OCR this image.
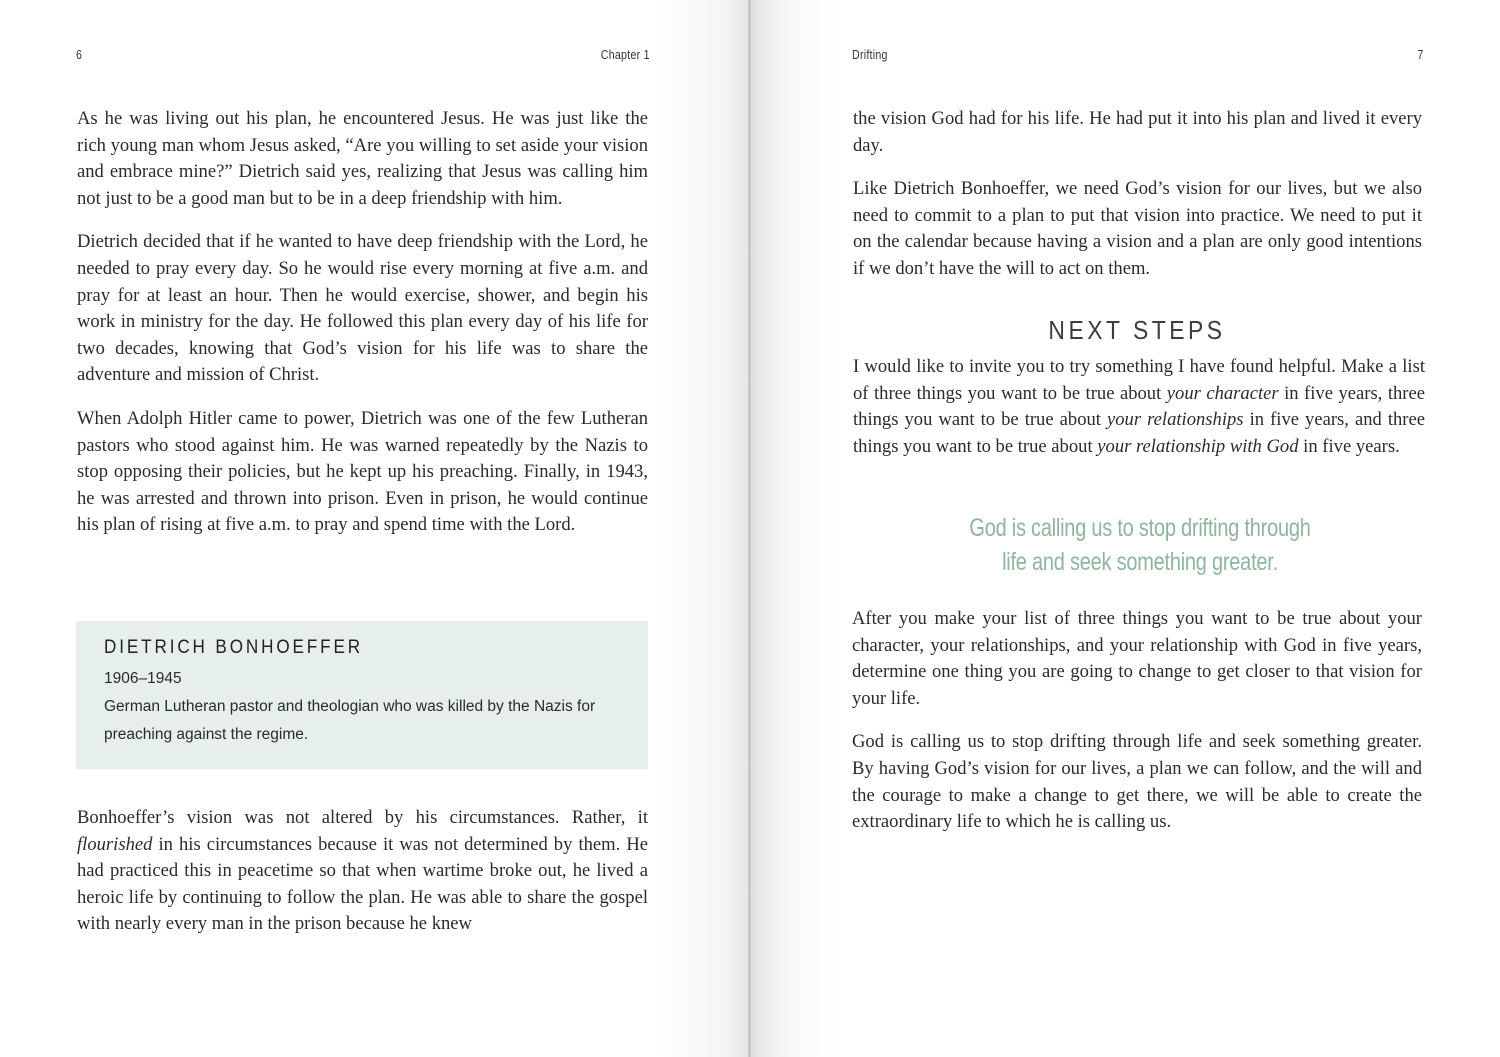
6	Chapter 1

As he was living out his plan, he encountered Jesus. He was just like the rich young man whom Jesus asked, “Are you willing to set aside your vision and embrace mine?” Dietrich said yes, realizing that Jesus was calling him not just to be a good man but to be in a deep friendship with him.

Dietrich decided that if he wanted to have deep friendship with the Lord, he needed to pray every day. So he would rise every morning at five a.m. and pray for at least an hour. Then he would exercise, shower, and begin his work in ministry for the day. He followed this plan every day of his life for two decades, knowing that God’s vision for his life was to share the adventure and mission of Christ.

When Adolph Hitler came to power, Dietrich was one of the few Lutheran pastors who stood against him. He was warned repeatedly by the Nazis to stop opposing their policies, but he kept up his preaching. Finally, in 1943, he was arrested and thrown into prison. Even in prison, he would continue his plan of rising at five a.m. to pray and spend time with the Lord.

DIETRICH BONHOEFFER
1906–1945
German Lutheran pastor and theologian who was killed by the Nazis for preaching against the regime.

Bonhoeffer’s vision was not altered by his circumstances. Rather, it flourished in his circumstances because it was not determined by them. He had practiced this in peacetime so that when wartime broke out, he lived a heroic life by continuing to follow the plan. He was able to share the gospel with nearly every man in the prison because he knew

Drifting	7

the vision God had for his life. He had put it into his plan and lived it every day.

Like Dietrich Bonhoeffer, we need God’s vision for our lives, but we also need to commit to a plan to put that vision into practice. We need to put it on the calendar because having a vision and a plan are only good intentions if we don’t have the will to act on them.

NEXT STEPS

I would like to invite you to try something I have found helpful. Make a list of three things you want to be true about your character in five years, three things you want to be true about your relationships in five years, and three things you want to be true about your relationship with God in five years.

God is calling us to stop drifting through
life and seek something greater.

After you make your list of three things you want to be true about your character, your relationships, and your relationship with God in five years, determine one thing you are going to change to get closer to that vision for your life.

God is calling us to stop drifting through life and seek something greater. By having God’s vision for our lives, a plan we can follow, and the will and the courage to make a change to get there, we will be able to create the extraordinary life to which he is calling us.
